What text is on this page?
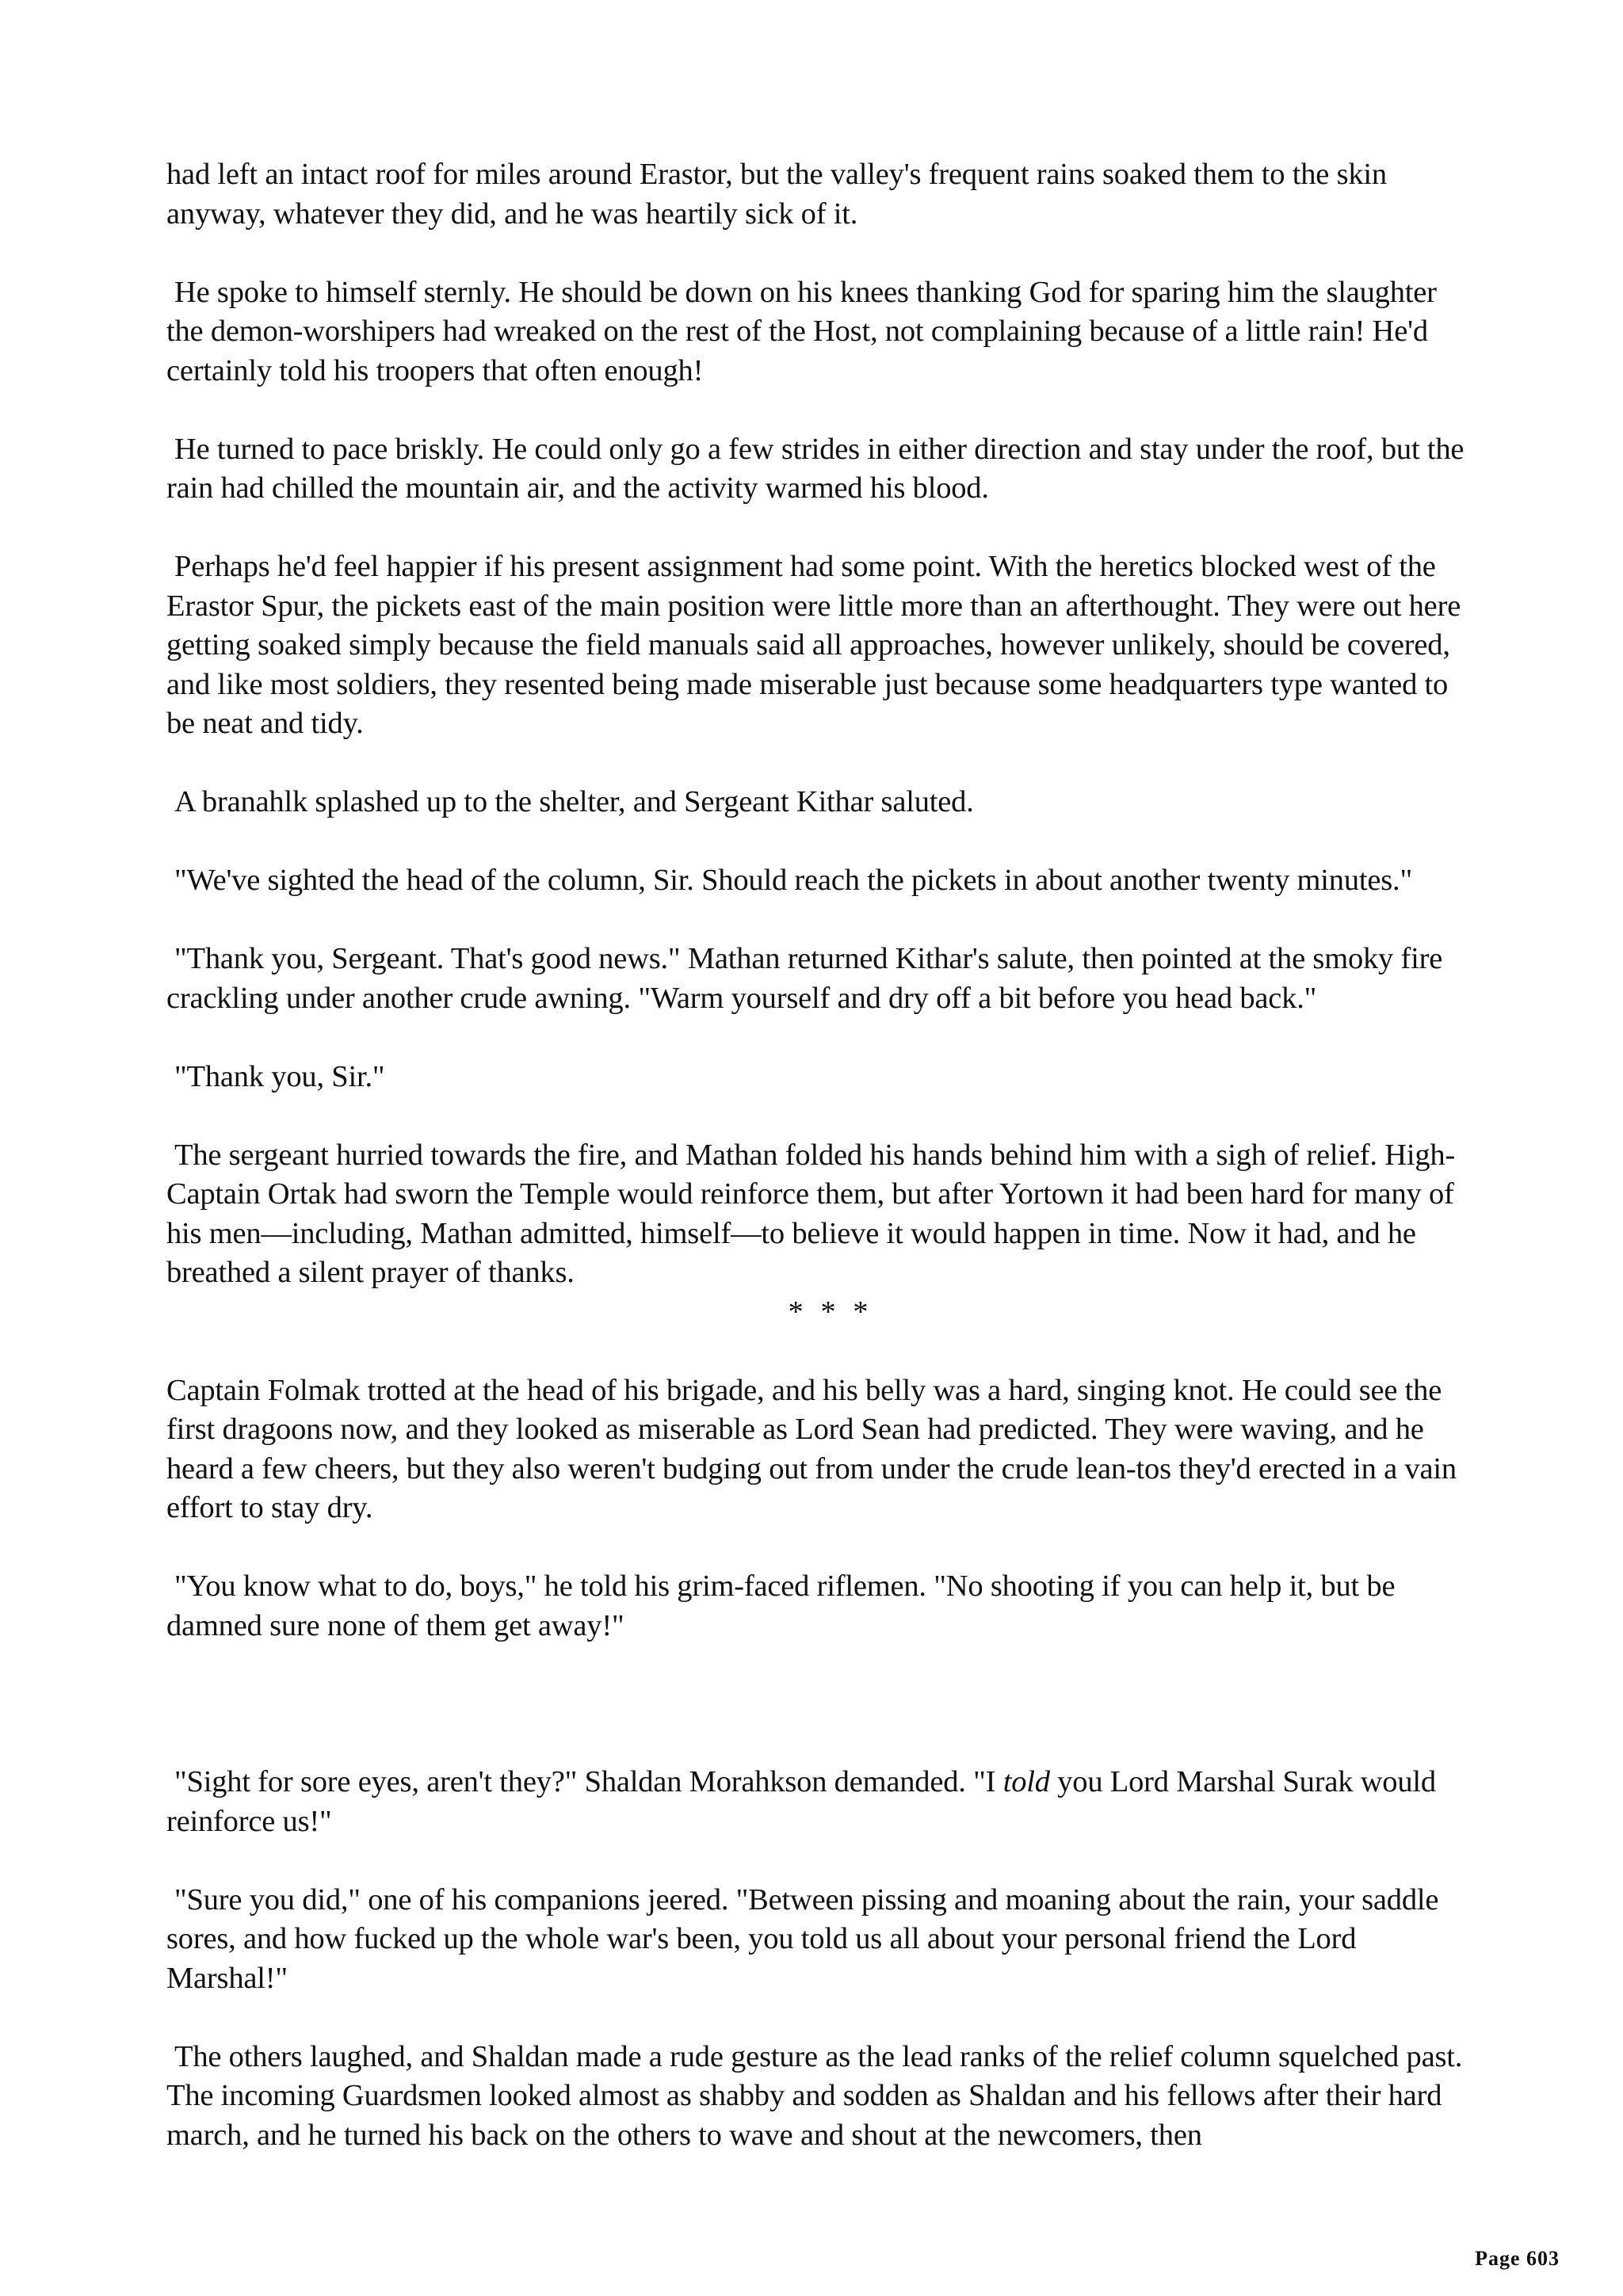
had left an intact roof for miles around Erastor, but the valley's frequent rains soaked them to the skin anyway, whatever they did, and he was heartily sick of it.

He spoke to himself sternly. He should be down on his knees thanking God for sparing him the slaughter the demon-worshipers had wreaked on the rest of the Host, not complaining because of a little rain! He'd certainly told his troopers that often enough!

He turned to pace briskly. He could only go a few strides in either direction and stay under the roof, but the rain had chilled the mountain air, and the activity warmed his blood.

Perhaps he'd feel happier if his present assignment had some point. With the heretics blocked west of the Erastor Spur, the pickets east of the main position were little more than an afterthought. They were out here getting soaked simply because the field manuals said all approaches, however unlikely, should be covered, and like most soldiers, they resented being made miserable just because some headquarters type wanted to be neat and tidy.

A branahlk splashed up to the shelter, and Sergeant Kithar saluted.

"We've sighted the head of the column, Sir. Should reach the pickets in about another twenty minutes."

"Thank you, Sergeant. That's good news." Mathan returned Kithar's salute, then pointed at the smoky fire crackling under another crude awning. "Warm yourself and dry off a bit before you head back."

"Thank you, Sir."

The sergeant hurried towards the fire, and Mathan folded his hands behind him with a sigh of relief. High-Captain Ortak had sworn the Temple would reinforce them, but after Yortown it had been hard for many of his men—including, Mathan admitted, himself—to believe it would happen in time. Now it had, and he breathed a silent prayer of thanks.

* * *

Captain Folmak trotted at the head of his brigade, and his belly was a hard, singing knot. He could see the first dragoons now, and they looked as miserable as Lord Sean had predicted. They were waving, and he heard a few cheers, but they also weren't budging out from under the crude lean-tos they'd erected in a vain effort to stay dry.

"You know what to do, boys," he told his grim-faced riflemen. "No shooting if you can help it, but be damned sure none of them get away!"

"Sight for sore eyes, aren't they?" Shaldan Morahkson demanded. "I told you Lord Marshal Surak would reinforce us!"

"Sure you did," one of his companions jeered. "Between pissing and moaning about the rain, your saddle sores, and how fucked up the whole war's been, you told us all about your personal friend the Lord Marshal!"

The others laughed, and Shaldan made a rude gesture as the lead ranks of the relief column squelched past. The incoming Guardsmen looked almost as shabby and sodden as Shaldan and his fellows after their hard march, and he turned his back on the others to wave and shout at the newcomers, then

Page 603
